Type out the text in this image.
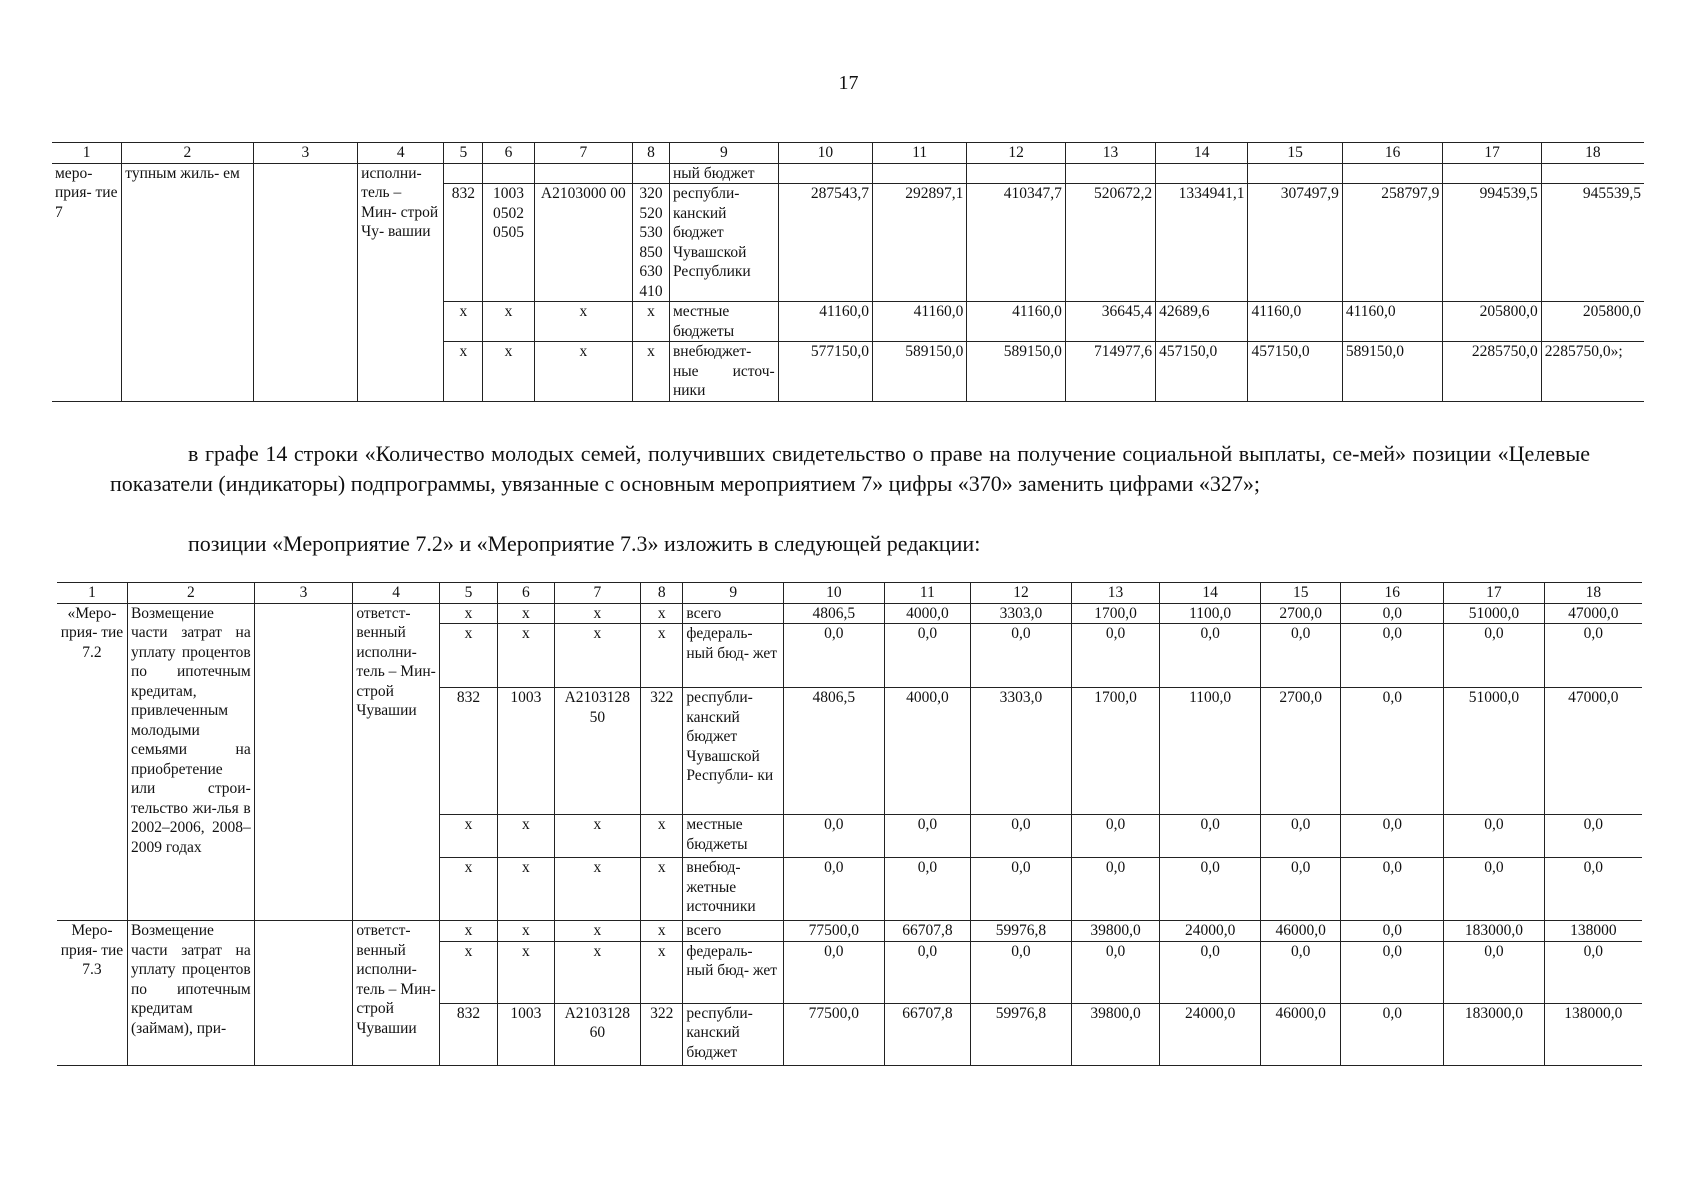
17
1	2	3	4	5	6	7	8	9	10	11	12	13	14	15	16	17	18
меро- прия- тие 7	тупным жиль- ем		исполни- тель – Мин- строй Чу- вашии					ный бюджет									
				832	1003 0502 0505	А2103000 00	320 520 530 850 630 410	республи- канский бюджет Чувашской Республики	287543,7	292897,1	410347,7	520672,2	1334941,1	307497,9	258797,9	994539,5	945539,5
				x	x	x	x	местные бюджеты	41160,0	41160,0	41160,0	36645,4	42689,6	41160,0	41160,0	205800,0	205800,0
				x	x	x	x	внебюджет- ные источ- ники	577150,0	589150,0	589150,0	714977,6	457150,0	457150,0	589150,0	2285750,0	2285750,0»;
в графе 14 строки «Количество молодых семей, получивших свидетельство о праве на получение социальной выплаты, се-мей» позиции «Целевые показатели (индикаторы) подпрограммы, увязанные с основным мероприятием 7» цифры «370» заменить цифрами «327»;
позиции «Мероприятие 7.2» и «Мероприятие 7.3» изложить в следующей редакции:
1	2	3	4	5	6	7	8	9	10	11	12	13	14	15	16	17	18
«Меро- прия- тие 7.2	Возмещение части затрат на уплату процентов по ипотечным кредитам, привлеченным молодыми семьями на приобретение или строи-тельство жи-лья в 2002–2006, 2008–2009 годах		ответст- венный исполни- тель – Мин- строй Чувашии	x	x	x	x	всего	4806,5	4000,0	3303,0	1700,0	1100,0	2700,0	0,0	51000,0	47000,0
				x	x	x	x	федераль- ный бюд- жет	0,0	0,0	0,0	0,0	0,0	0,0	0,0	0,0	0,0
				832	1003	А2103128 50	322	республи- канский бюджет Чувашской Республи- ки	4806,5	4000,0	3303,0	1700,0	1100,0	2700,0	0,0	51000,0	47000,0
				x	x	x	x	местные бюджеты	0,0	0,0	0,0	0,0	0,0	0,0	0,0	0,0	0,0
				x	x	x	x	внебюд- жетные источники	0,0	0,0	0,0	0,0	0,0	0,0	0,0	0,0	0,0
Меро- прия- тие 7.3	Возмещение части затрат на уплату процентов по ипотечным кредитам (займам), при-		ответст- венный исполни- тель – Мин- строй Чувашии	x	x	x	x	всего	77500,0	66707,8	59976,8	39800,0	24000,0	46000,0	0,0	183000,0	138000
				x	x	x	x	федераль- ный бюд- жет	0,0	0,0	0,0	0,0	0,0	0,0	0,0	0,0	0,0
				832	1003	А2103128 60	322	республи- канский бюджет	77500,0	66707,8	59976,8	39800,0	24000,0	46000,0	0,0	183000,0	138000,0
